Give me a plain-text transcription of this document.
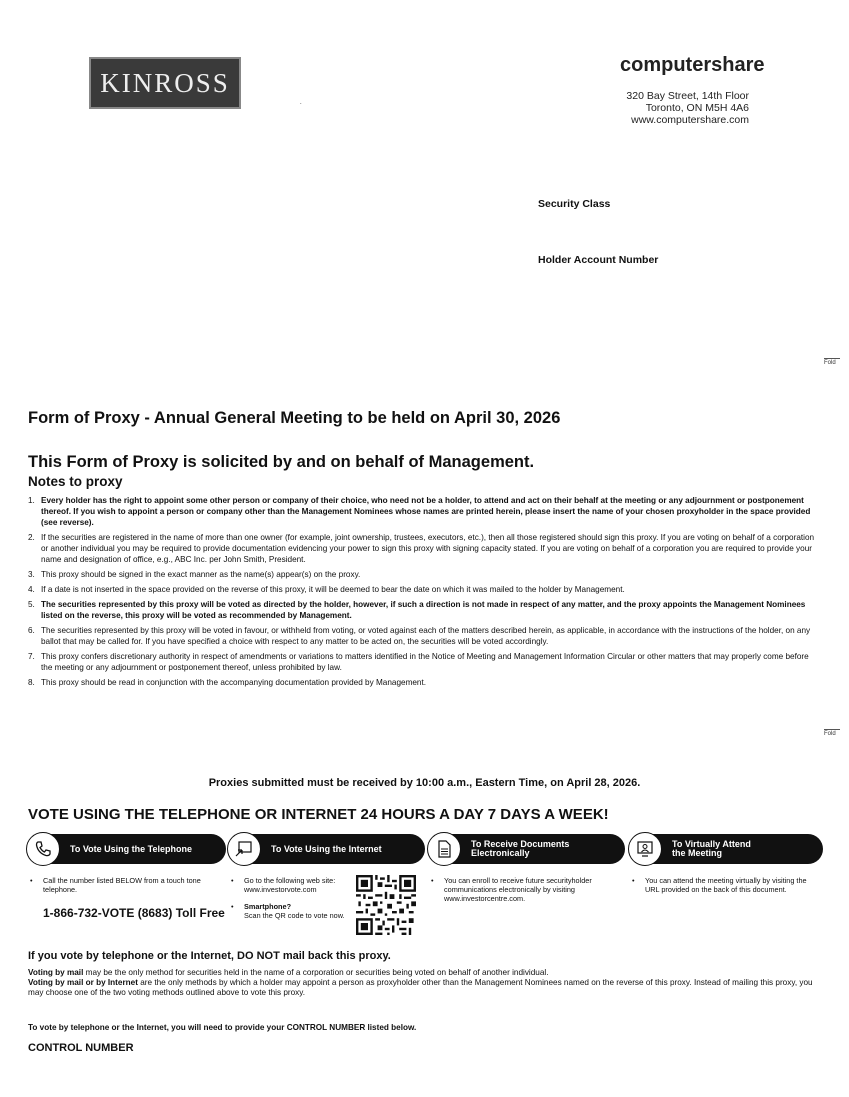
KINROSS
.
computershare
320 Bay Street, 14th Floor
Toronto, ON M5H 4A6
www.computershare.com
Security Class
Holder Account Number
Fold
Fold
Form of Proxy - Annual General Meeting to be held on April 30, 2026
This Form of Proxy is solicited by and on behalf of Management.
Notes to proxy
1. Every holder has the right to appoint some other person or company of their choice, who need not be a holder, to attend and act on their behalf at the meeting or any adjournment or postponement thereof. If you wish to appoint a person or company other than the Management Nominees whose names are printed herein, please insert the name of your chosen proxyholder in the space provided (see reverse).
2. If the securities are registered in the name of more than one owner (for example, joint ownership, trustees, executors, etc.), then all those registered should sign this proxy. If you are voting on behalf of a corporation or another individual you may be required to provide documentation evidencing your power to sign this proxy with signing capacity stated. If you are voting on behalf of a corporation you are required to provide your name and designation of office, e.g., ABC Inc. per John Smith, President.
3. This proxy should be signed in the exact manner as the name(s) appear(s) on the proxy.
4. If a date is not inserted in the space provided on the reverse of this proxy, it will be deemed to bear the date on which it was mailed to the holder by Management.
5. The securities represented by this proxy will be voted as directed by the holder, however, if such a direction is not made in respect of any matter, and the proxy appoints the Management Nominees listed on the reverse, this proxy will be voted as recommended by Management.
6. The securities represented by this proxy will be voted in favour, or withheld from voting, or voted against each of the matters described herein, as applicable, in accordance with the instructions of the holder, on any ballot that may be called for. If you have specified a choice with respect to any matter to be acted on, the securities will be voted accordingly.
7. This proxy confers discretionary authority in respect of amendments or variations to matters identified in the Notice of Meeting and Management Information Circular or other matters that may properly come before the meeting or any adjournment or postponement thereof, unless prohibited by law.
8. This proxy should be read in conjunction with the accompanying documentation provided by Management.
Proxies submitted must be received by 10:00 a.m., Eastern Time, on April 28, 2026.
VOTE USING THE TELEPHONE OR INTERNET 24 HOURS A DAY 7 DAYS A WEEK!
To Vote Using the Telephone	To Vote Using the Internet	To Receive Documents
Electronically
To Virtually Attend
the Meeting
•	Call the number listed BELOW from a touch tone telephone.
1-866-732-VOTE (8683) Toll Free
•	Go to the following web site: www.investorvote.com
• Smartphone?
Scan the QR code to vote now.
•	You can enroll to receive future securityholder communications electronically by visiting www.investorcentre.com.
•	You can attend the meeting virtually by visiting the URL provided on the back of this document.
If you vote by telephone or the Internet, DO NOT mail back this proxy.
Voting by mail may be the only method for securities held in the name of a corporation or securities being voted on behalf of another individual.
Voting by mail or by Internet are the only methods by which a holder may appoint a person as proxyholder other than the Management Nominees named on the reverse of this proxy. Instead of mailing this proxy, you may choose one of the two voting methods outlined above to vote this proxy.
To vote by telephone or the Internet, you will need to provide your CONTROL NUMBER listed below.
CONTROL NUMBER
